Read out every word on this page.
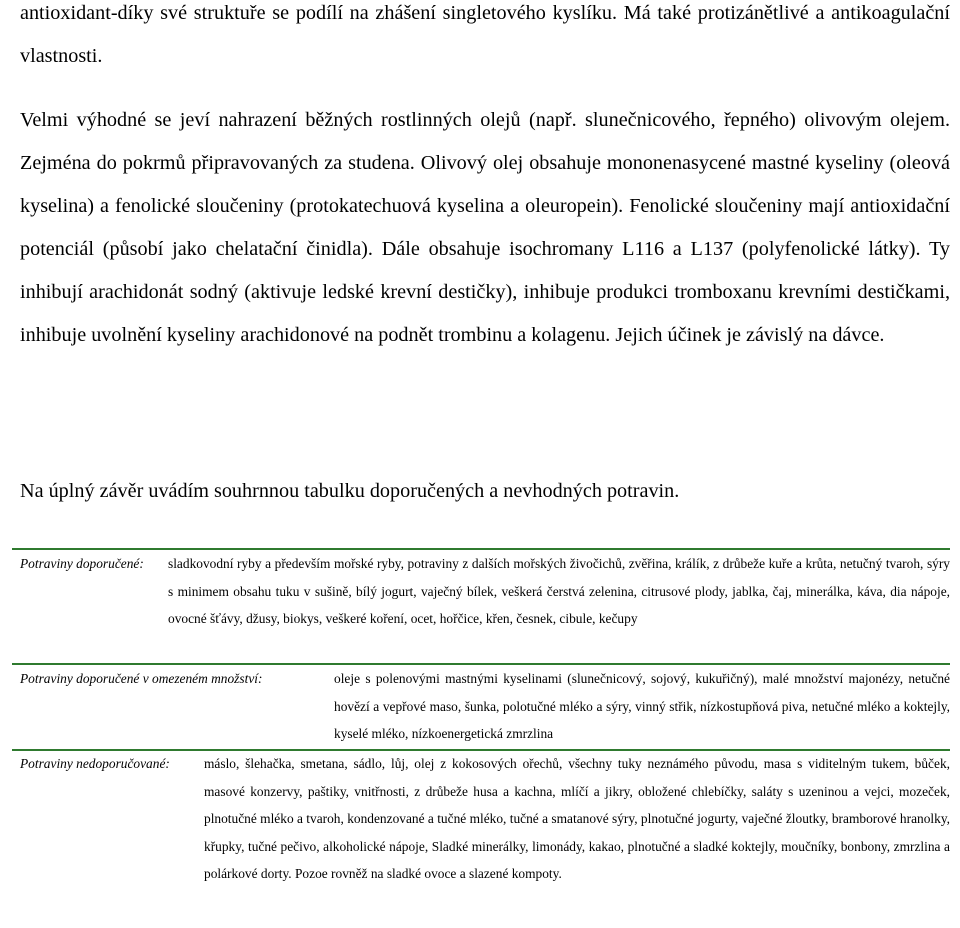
antioxidant-díky své struktuře se podílí na zhášení singletového kyslíku. Má také protizánětlivé a antikoagulační vlastnosti.

Velmi výhodné se jeví nahrazení běžných rostlinných olejů (např. slunečnicového, řepného) olivovým olejem. Zejména do pokrmů připravovaných za studena. Olivový olej obsahuje mononenasycené mastné kyseliny (oleová kyselina) a fenolické sloučeniny (protokatechuová kyselina a oleuropein). Fenolické sloučeniny mají antioxidační potenciál (působí jako chelatační činidla). Dále obsahuje isochromany L116 a L137 (polyfenolické látky). Ty inhibují arachidonát sodný (aktivuje ledské krevní destičky), inhibuje produkci tromboxanu krevními destičkami, inhibuje uvolnění kyseliny arachidonové na podnět trombinu a kolagenu. Jejich účinek je závislý na dávce.

Na úplný závěr uvádím souhrnnou tabulku doporučených a nevhodných potravin.

Potraviny doporučené: sladkovodní ryby a především mořské ryby, potraviny z dalších mořských živočichů, zvěřina, králík, z drůbeže kuře a krůta, netučný tvaroh, sýry s minimem obsahu tuku v sušině, bílý jogurt, vaječný bílek, veškerá čerstvá zelenina, citrusové plody, jablka, čaj, minerálka, káva, dia nápoje, ovocné šťávy, džusy, biokys, veškeré koření, ocet, hořčice, křen, česnek, cibule, kečupy

Potraviny doporučené v omezeném množství:	oleje s polenovými mastnými kyselinami (slunečnicový, sojový, kukuřičný), malé množství majonézy, netučné hovězí a vepřové maso, šunka, polotučné mléko a sýry, vinný střik, nízkostupňová piva, netučné mléko a koktejly, kyselé mléko, nízkoenergetická zmrzlina

Potraviny nedoporučované:	máslo, šlehačka, smetana, sádlo, lůj, olej z kokosových ořechů, všechny tuky neznámého původu, masa s viditelným tukem, bůček, masové konzervy, paštiky, vnitřnosti, z drůbeže husa a kachna, mlíčí a jikry, obložené chlebíčky, saláty s uzeninou a vejci, mozeček, plnotučné mléko a tvaroh, kondenzované a tučné mléko, tučné a smatanové sýry, plnotučné jogurty, vaječné žloutky, bramborové hranolky, křupky, tučné pečivo, alkoholické nápoje, Sladké minerálky, limonády, kakao, plnotučné a sladké koktejly, moučníky, bonbony, zmrzlina a polárkové dorty. Pozoe rovněž na sladké ovoce a slazené kompoty.
